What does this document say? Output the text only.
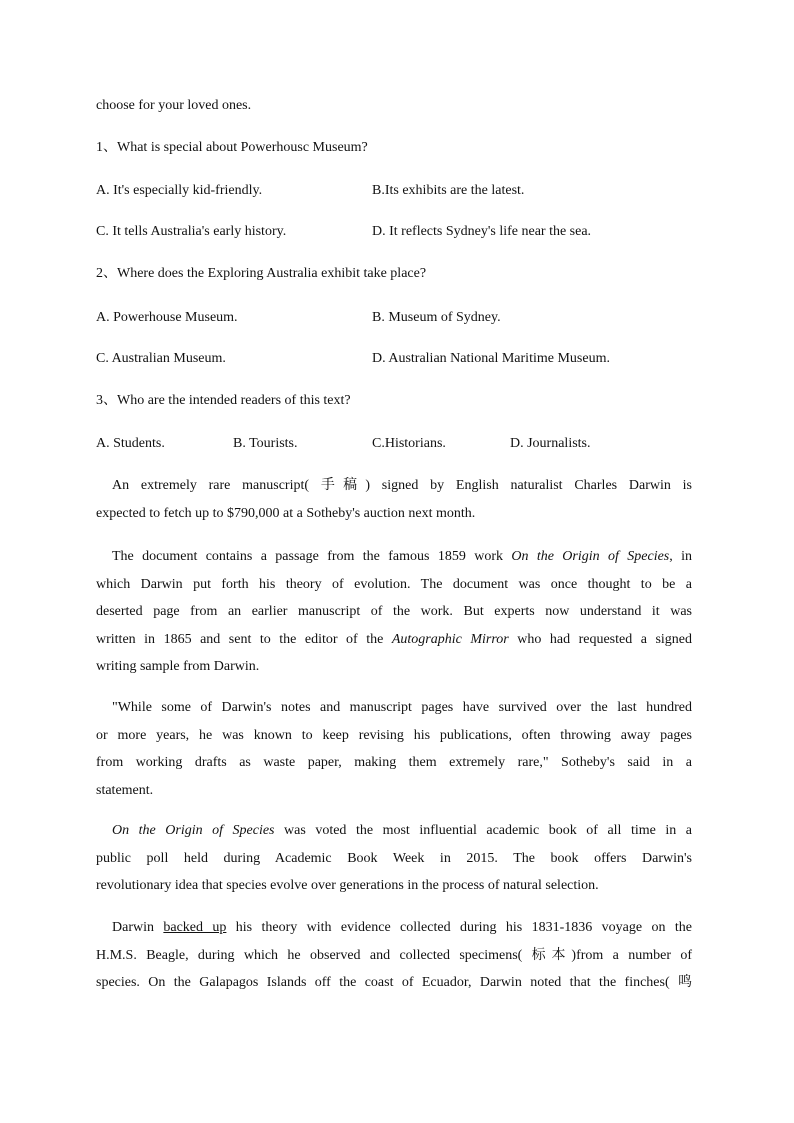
choose for your loved ones.
1、What is special about Powerhousc Museum?
A. It's especially kid-friendly.	B.Its exhibits are the latest.
C. It tells Australia's early history.	D. It reflects Sydney's life near the sea.
2、Where does the Exploring Australia exhibit take place?
A. Powerhouse Museum.	B. Museum of Sydney.
C. Australian Museum.	D. Australian National Maritime Museum.
3、Who are the intended readers of this text?
A. Students.	B. Tourists.	C.Historians.	D. Journalists.
An extremely rare manuscript( 手稿) signed by English naturalist Charles Darwin is
expected to fetch up to $790,000 at a Sotheby's auction next month.
The document contains a passage from the famous 1859 work On the Origin of Species, in
which Darwin put forth his theory of evolution. The document was once thought to be a
deserted page from an earlier manuscript of the work. But experts now understand it was
written in 1865 and sent to the editor of the Autographic Mirror who had requested a signed
writing sample from Darwin.
"While some of Darwin's notes and manuscript pages have survived over the last hundred
or more years, he was known to keep revising his publications, often throwing away pages
from working drafts as waste paper, making them extremely rare," Sotheby's said in a
statement.
On the Origin of Species was voted the most influential academic book of all time in a
public poll held during Academic Book Week in 2015. The book offers Darwin's
revolutionary idea that species evolve over generations in the process of natural selection.
Darwin backed up his theory with evidence collected during his 1831-1836 voyage on the
H.M.S. Beagle, during which he observed and collected specimens( 标本)from a number of
species. On the Galapagos Islands off the coast of Ecuador, Darwin noted that the finches( 鸣
